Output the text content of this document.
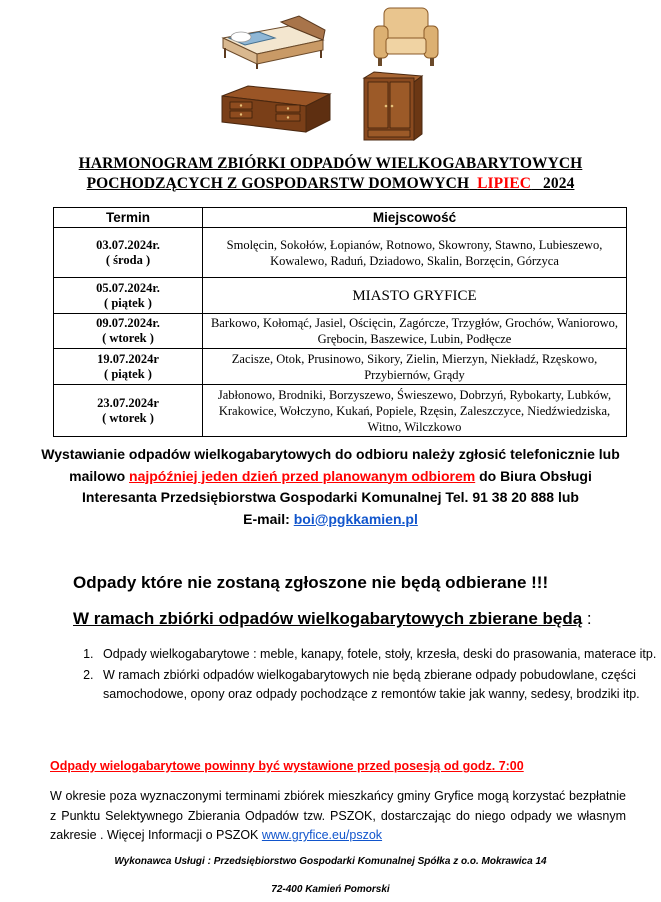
HARMONOGRAM ZBIÓRKI ODPADÓW WIELKOGABARYTOWYCH
POCHODZĄCYCH Z GOSPODARSTW DOMOWYCH LIPIEC 2024
Termin	Miejscowość

03.07.2024r.
( środa )	Smolęcin, Sokołów, Łopianów, Rotnowo, Skowrony, Stawno, Lubieszewo, Kowalewo, Raduń, Dziadowo, Skalin, Borzęcin, Górzyca

05.07.2024r.
( piątek )	MIASTO GRYFICE

09.07.2024r.
( wtorek )	Barkowo, Kołomąć, Jasiel, Ościęcin, Zagórcze, Trzygłów, Grochów, Waniorowo, Grębocin, Baszewice, Lubin, Podłęcze

19.07.2024r
( piątek )	Zacisze, Otok, Prusinowo, Sikory, Zielin, Mierzyn, Niekładź, Rzęskowo, Przybiernów, Grądy

23.07.2024r
( wtorek )	Jabłonowo, Brodniki, Borzyszewo, Świeszewo, Dobrzyń, Rybokarty, Lubków, Krakowice, Wołczyno, Kukań, Popiele, Rzęsin, Zaleszczyce, Niedźwiedziska, Witno, Wilczkowo
Wystawianie odpadów wielkogabarytowych do odbioru należy zgłosić telefonicznie lub mailowo najpóźniej jeden dzień przed planowanym odbiorem do Biura Obsługi Interesanta Przedsiębiorstwa Gospodarki Komunalnej Tel. 91 38 20 888 lub
E-mail: boi@pgkkamien.pl
Odpady które nie zostaną zgłoszone nie będą odbierane !!!
W ramach zbiórki odpadów wielkogabarytowych zbierane będą :
1. Odpady wielkogabarytowe : meble, kanapy, fotele, stoły, krzesła, deski do prasowania, materace itp.
2. W ramach zbiórki odpadów wielkogabarytowych nie będą zbierane odpady pobudowlane, części samochodowe, opony oraz odpady pochodzące z remontów takie jak wanny, sedesy, brodziki itp.
Odpady wielogabarytowe powinny być wystawione przed posesją od godz. 7:00
W okresie poza wyznaczonymi terminami zbiórek mieszkańcy gminy Gryfice mogą korzystać bezpłatnie z Punktu Selektywnego Zbierania Odpadów tzw. PSZOK, dostarczając do niego odpady we własnym zakresie . Więcej Informacji o PSZOK www.gryfice.eu/pszok
Wykonawca Usługi : Przedsiębiorstwo Gospodarki Komunalnej Spółka z o.o. Mokrawica 14
72-400 Kamień Pomorski
